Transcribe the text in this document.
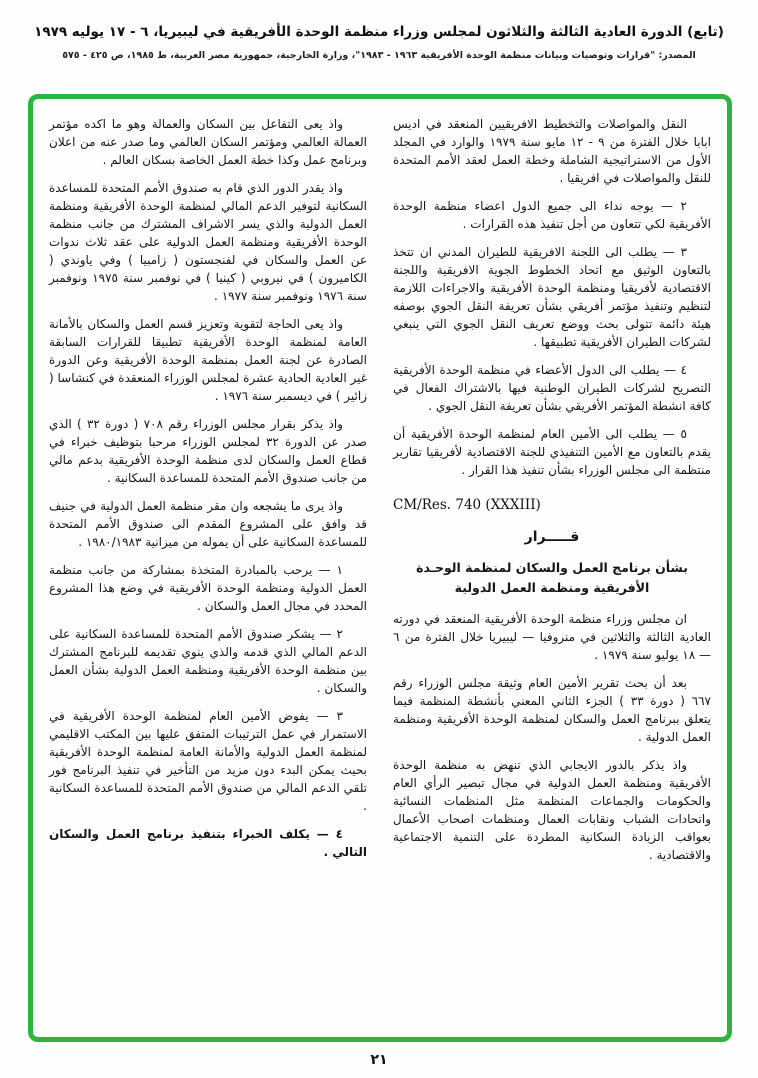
(تابع) الدورة العادية الثالثة والثلاثون لمجلس وزراء منظمة الوحدة الأفريقية في ليبيريا، ٦ - ١٧ يوليه ١٩٧٩
المصدر: "قرارات وتوصيات وبيانات منظمة الوحدة الأفريقية ١٩٦٣ - ١٩٨٣"، وزارة الخارجية، جمهورية مصر العربية، ط ١٩٨٥، ص ٤٢٥ - ٥٧٥

النقل والمواصلات والتخطيط الافريقيين المنعقد في اديس ابابا خلال الفترة من ٩ - ١٢ مايو سنة ١٩٧٩ والوارد في المجلد الأول من الاستراتيجية الشاملة وخطة العمل لعقد الأمم المتحدة للنقل والمواصلات في افريقيا .

٢ — يوجه نداء الى جميع الدول اعضاء منظمة الوحدة الأفريقية لكي تتعاون من أجل تنفيذ هذه القرارات .

٣ — يطلب الى اللجنة الافريقية للطيران المدني ان تتخذ بالتعاون الوثيق مع اتحاد الخطوط الجوية الافريقية واللجنة الاقتصادية لأفريقيا ومنظمة الوحدة الأفريقية والاجراءات اللازمة لتنظيم وتنفيذ مؤتمر أفريقي بشأن تعريفة النقل الجوي بوصفه هيئة دائمة تتولى بحث ووضع تعريف النقل الجوي التي ينبغي لشركات الطيران الأفريقية تطبيقها .

٤ — يطلب الى الدول الأعضاء في منظمة الوحدة الأفريقية التصريح لشركات الطيران الوطنية فيها بالاشتراك الفعال في كافة انشطة المؤتمر الأفريقي بشأن تعريفة النقل الجوي .

٥ — يطلب الى الأمين العام لمنظمة الوحدة الأفريقية أن يقدم بالتعاون مع الأمين التنفيذي للجنة الاقتصادية لأفريقيا تقارير منتظمة الى مجلس الوزراء بشأن تنفيذ هذا القرار .

CM/Res. 740 (XXXIII)
قـــــرار
بشأن برنامج العمل والسكان لمنظمة الوحـدة الأفريقية ومنظمة العمل الدولية

ان مجلس وزراء منظمة الوحدة الأفريقية المنعقد في دورته العادية الثالثة والثلاثين في منروفيا — ليبيريا خلال الفترة من ٦ — ١٨ يوليو سنة ١٩٧٩ .

بعد أن بحث تقرير الأمين العام وثيقة مجلس الوزراء رقم ٦٦٧ ( دورة ٣٣ ) الجزء الثاني المعني بأنشطة المنظمة فيما يتعلق ببرنامج العمل والسكان لمنظمة الوحدة الأفريقية ومنظمة العمل الدولية .

واذ يذكر بالدور الايجابي الذي تنهض به منظمة الوحدة الأفريقية ومنظمة العمل الدولية في مجال تبصير الرأي العام والحكومات والجماعات المنظمة مثل المنظمات النسائية واتحادات الشباب ونقابات العمال ومنظمات اصحاب الأعمال بعواقب الزيادة السكانية المطردة على التنمية الاجتماعية والاقتصادية .

واذ يعى التفاعل بين السكان والعمالة وهو ما اكده مؤتمر العمالة العالمي ومؤتمر السكان العالمي وما صدر عنه من اعلان وبرنامج عمل وكذا خطة العمل الخاصة بسكان العالم .

واذ يقدر الدور الذي قام به صندوق الأمم المتحدة للمساعدة السكانية لتوفير الدعم المالي لمنظمة الوحدة الأفريقية ومنظمة العمل الدولية والذي يسر الاشراف المشترك من جانب منظمة الوحدة الأفريقية ومنظمة العمل الدولية على عقد ثلاث ندوات عن العمل والسكان في لفنجستون ( زامبيا ) وفي ياوندي ( الكاميرون ) في نيروبي ( كينيا ) في نوفمبر سنة ١٩٧٥ ونوفمبر سنة ١٩٧٦ ونوفمبر سنة ١٩٧٧ .

واذ يعى الحاجة لتقوية وتعزيز قسم العمل والسكان بالأمانة العامة لمنظمة الوحدة الأفريقية تطبيقا للقرارات السابقة الصادرة عن لجنة العمل بمنظمة الوحدة الأفريقية وعن الدورة غير العادية الحادية عشرة لمجلس الوزراء المنعقدة في كنشاسا ( زائير ) في ديسمبر سنة ١٩٧٦ .

واذ يذكر بقرار مجلس الوزراء رقم ٧٠٨ ( دورة ٣٢ ) الذي صدر عن الدورة ٣٢ لمجلس الوزراء مرحبا بتوظيف خبراء في قطاع العمل والسكان لدى منظمة الوحدة الأفريقية بدعم مالي من جانب صندوق الأمم المتحدة للمساعدة السكانية .

واذ يرى ما يشجعه وان مقر منظمة العمل الدولية في جنيف قد وافق على المشروع المقدم الى صندوق الأمم المتحدة للمساعدة السكانية على أن يموله من ميزانية ١٩٨٠/١٩٨٣ .

١ — يرحب بالمبادرة المتخذة بمشاركة من جانب منظمة العمل الدولية ومنظمة الوحدة الأفريقية في وضع هذا المشروع المحدد في مجال العمل والسكان .

٢ — يشكر صندوق الأمم المتحدة للمساعدة السكانية على الدعم المالي الذي قدمه والذي ينوي تقديمه للبرنامج المشترك بين منظمة الوحدة الأفريقية ومنظمة العمل الدولية بشأن العمل والسكان .

٣ — يفوض الأمين العام لمنظمة الوحدة الأفريقية في الاستمرار في عمل الترتيبات المتفق عليها بين المكتب الاقليمي لمنظمة العمل الدولية والأمانة العامة لمنظمة الوحدة الأفريقية بحيث يمكن البدء دون مزيد من التأخير في تنفيذ البرنامج فور تلقي الدعم المالي من صندوق الأمم المتحدة للمساعدة السكانية .

٤ — يكلف الخبراء بتنفيذ برنامج العمل والسكان التالي .

٢١
